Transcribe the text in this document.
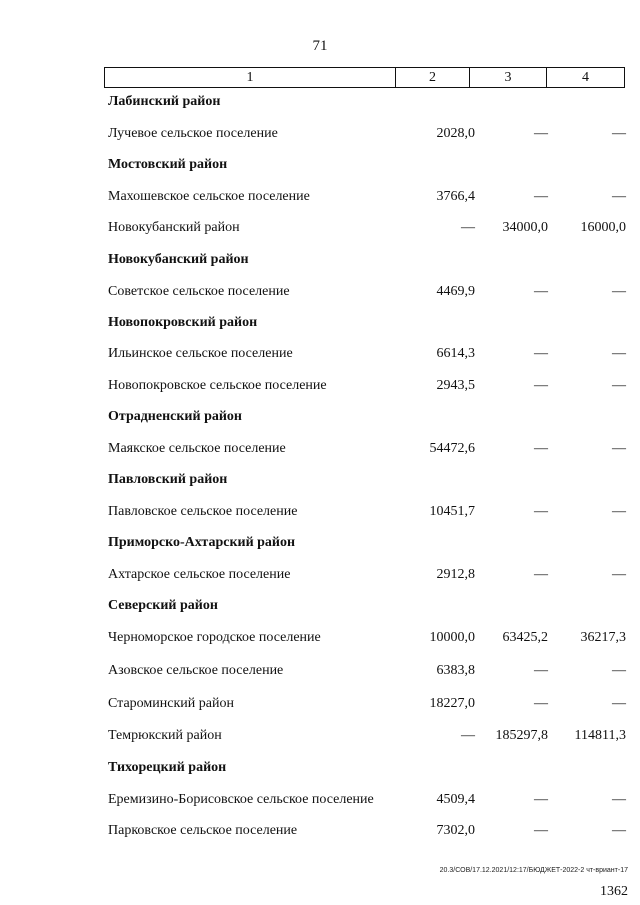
71
1	2	3	4
Лабинский район
Лучевое сельское поселение	2028,0	—	—
Мостовский район
Махошевское сельское поселение	3766,4	—	—
Новокубанский район	— 34000,0 16000,0
Новокубанский район
Советское сельское поселение	4469,9	—	—
Новопокровский район
Ильинское сельское поселение	6614,3	—	—
Новопокровское сельское поселение	2943,5	—	—
Отрадненский район
Маякское сельское поселение	54472,6	—	—
Павловский район
Павловское сельское поселение	10451,7	—	—
Приморско-Ахтарский район
Ахтарское сельское поселение	2912,8	—	—
Северский район
Черноморское городское поселение	10000,0 63425,2 36217,3
Азовское сельское поселение	6383,8	—	—
Староминский район	18227,0	—	—
Темрюкский район	— 185297,8 114811,3
Тихорецкий район
Еремизино-Борисовское сельское поселение	4509,4	—	—
Парковское сельское поселение	7302,0	—	—
20.3/СОВ/17.12.2021/12:17/БЮДЖЕТ-2022-2 чт-вриант-17
1362
